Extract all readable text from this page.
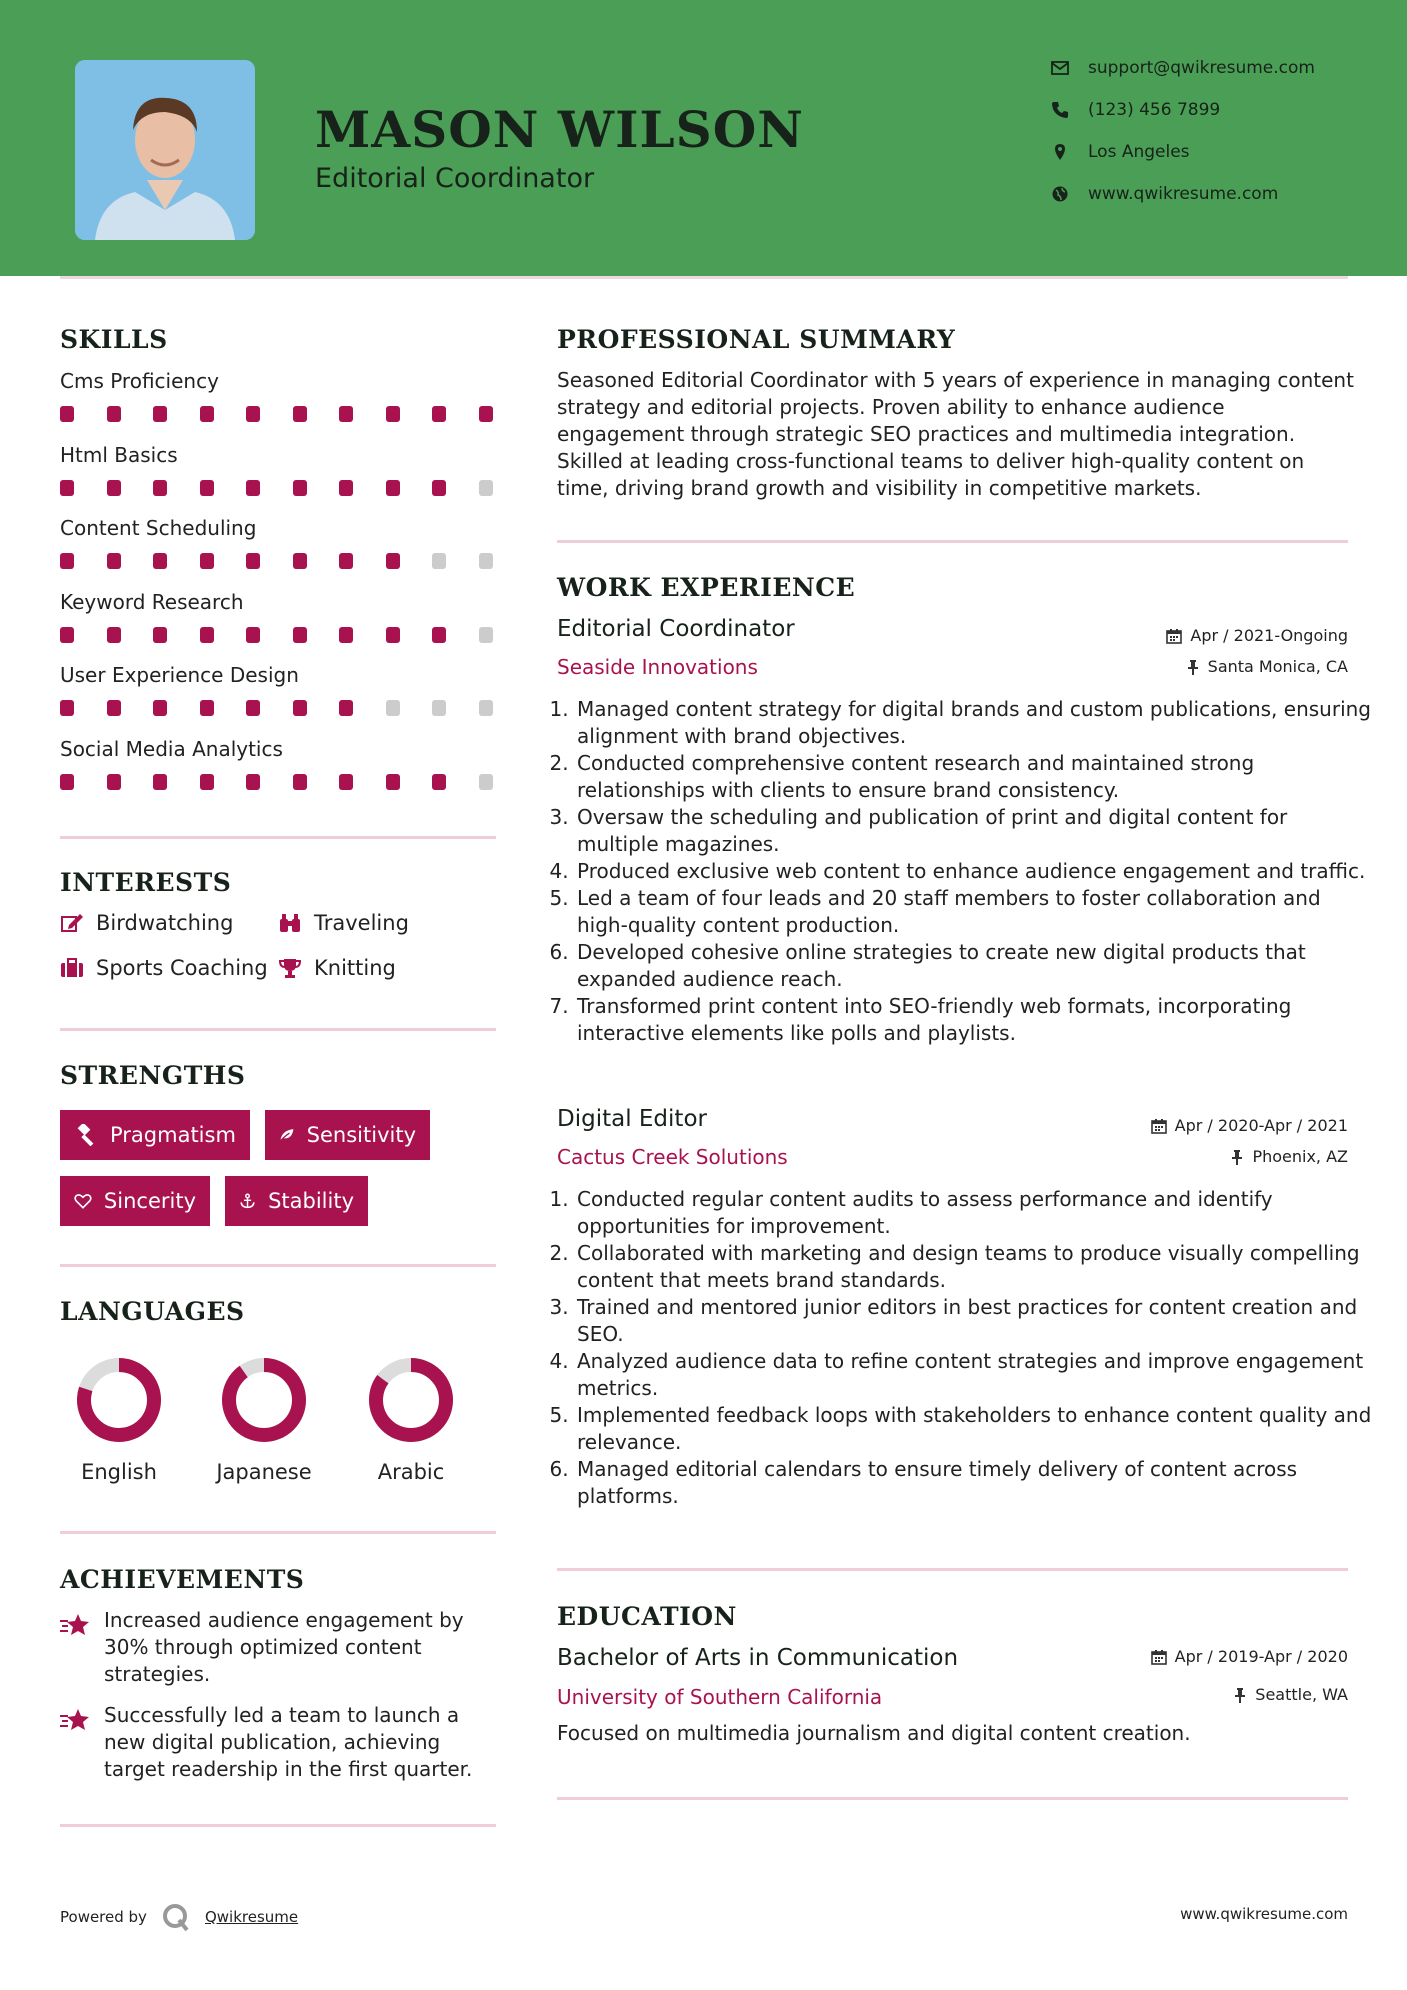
MASON WILSON
Editorial Coordinator
support@qwikresume.com
(123) 456 7899
Los Angeles
www.qwikresume.com
SKILLS
Cms Proficiency
Html Basics
Content Scheduling
Keyword Research
User Experience Design
Social Media Analytics
INTERESTS
Birdwatching	Traveling
Sports Coaching Knitting
STRENGTHS
Pragmatism	Sensitivity
Sincerity	Stability
LANGUAGES
English	Japanese	Arabic
ACHIEVEMENTS
Increased audience engagement by 30% through optimized content strategies.
Successfully led a team to launch a new digital publication, achieving target readership in the first quarter.
PROFESSIONAL SUMMARY
Seasoned Editorial Coordinator with 5 years of experience in managing content strategy and editorial projects. Proven ability to enhance audience engagement through strategic SEO practices and multimedia integration. Skilled at leading cross-functional teams to deliver high-quality content on time, driving brand growth and visibility in competitive markets.
WORK EXPERIENCE
Editorial Coordinator	Apr / 2021-Ongoing
Seaside Innovations	Santa Monica, CA
1. Managed content strategy for digital brands and custom publications, ensuring alignment with brand objectives.
2. Conducted comprehensive content research and maintained strong relationships with clients to ensure brand consistency.
3. Oversaw the scheduling and publication of print and digital content for multiple magazines.
4. Produced exclusive web content to enhance audience engagement and traffic.
5. Led a team of four leads and 20 staff members to foster collaboration and high-quality content production.
6. Developed cohesive online strategies to create new digital products that expanded audience reach.
7. Transformed print content into SEO-friendly web formats, incorporating interactive elements like polls and playlists.
Digital Editor	Apr / 2020-Apr / 2021
Cactus Creek Solutions	Phoenix, AZ
1. Conducted regular content audits to assess performance and identify opportunities for improvement.
2. Collaborated with marketing and design teams to produce visually compelling content that meets brand standards.
3. Trained and mentored junior editors in best practices for content creation and SEO.
4. Analyzed audience data to refine content strategies and improve engagement metrics.
5. Implemented feedback loops with stakeholders to enhance content quality and relevance.
6. Managed editorial calendars to ensure timely delivery of content across platforms.
EDUCATION
Bachelor of Arts in Communication	Apr / 2019-Apr / 2020
University of Southern California	Seattle, WA
Focused on multimedia journalism and digital content creation.
Powered by	Qwikresume	www.qwikresume.com
